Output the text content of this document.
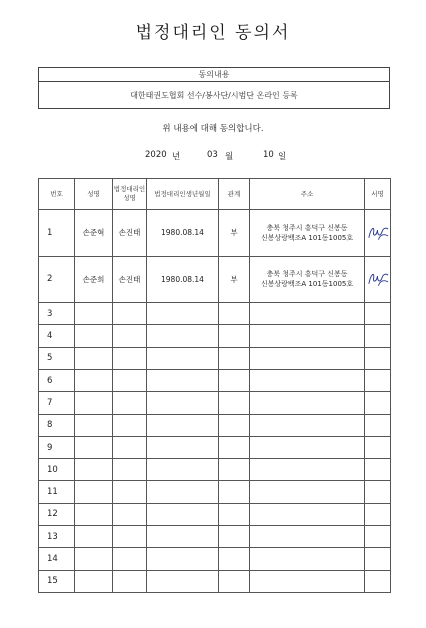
법정대리인 동의서
동의내용
대한태권도협회 선수/봉사단/시범단 온라인 등록
위 내용에 대해 동의합니다.
2020 년	03 월	10 일
번호	성명	법정대리인성명	법정대리인생년월일	관계	주소	서명
1	손준혁	손진태	1980.08.14	부	충북 청주시 흥덕구 신봉동
신봉상랑백조A 101동1005호

2	손준희	손진태	1980.08.14	부	충북 청주시 흥덕구 신봉동
신봉상랑백조A 101동1005호

3						
4						
5						
6						
7						
8						
9						
10						
11						
12						
13						
14						
15						
